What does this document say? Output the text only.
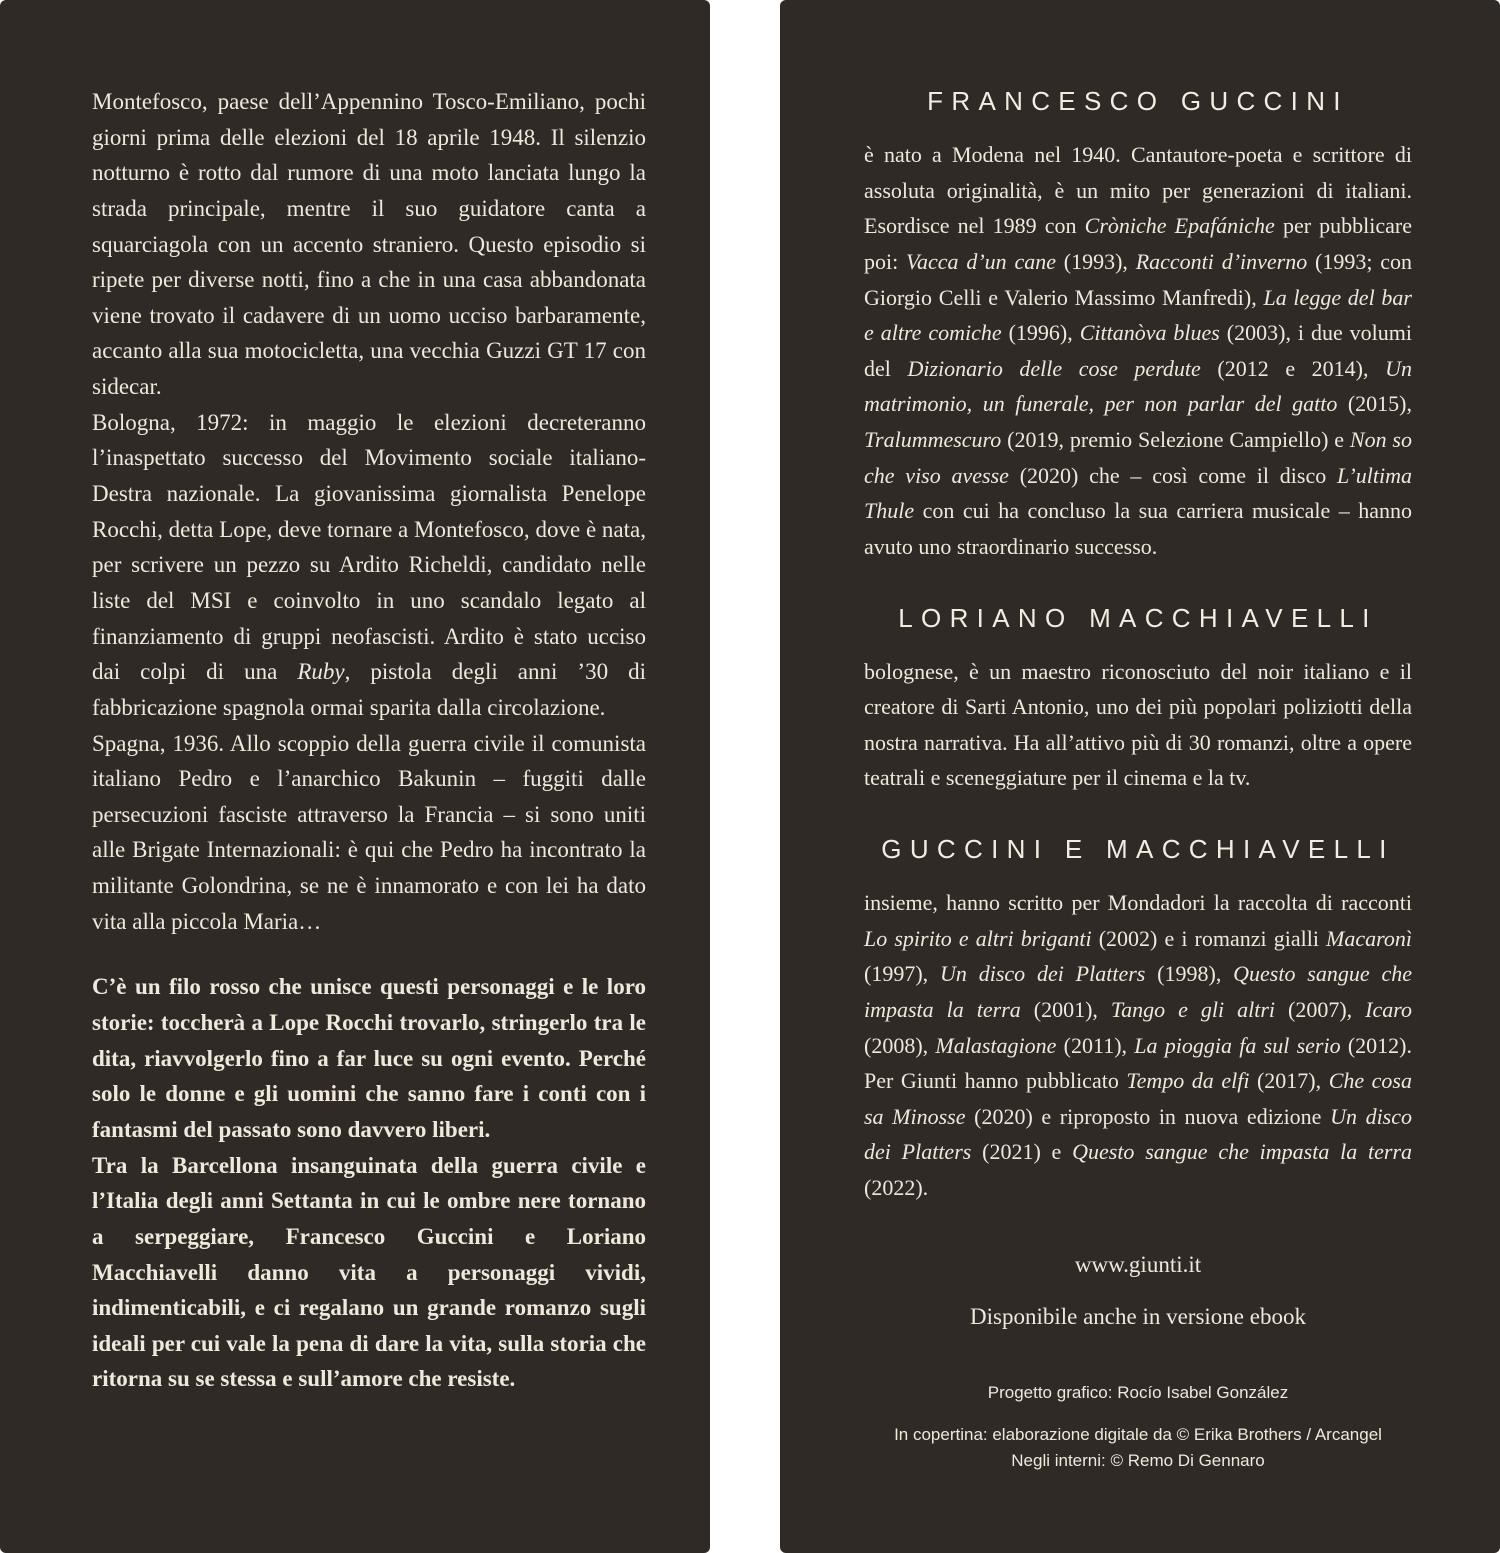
Montefosco, paese dell’Appennino Tosco-Emiliano, pochi giorni prima delle elezioni del 18 aprile 1948. Il silenzio notturno è rotto dal rumore di una moto lanciata lungo la strada principale, mentre il suo guidatore canta a squarciagola con un accento straniero. Questo episodio si ripete per diverse notti, fino a che in una casa abbandonata viene trovato il cadavere di un uomo ucciso barbaramente, accanto alla sua motocicletta, una vecchia Guzzi GT 17 con sidecar.

Bologna, 1972: in maggio le elezioni decreteranno l’inaspettato successo del Movimento sociale italiano-Destra nazionale. La giovanissima giornalista Penelope Rocchi, detta Lope, deve tornare a Montefosco, dove è nata, per scrivere un pezzo su Ardito Richeldi, candidato nelle liste del MSI e coinvolto in uno scandalo legato al finanziamento di gruppi neofascisti. Ardito è stato ucciso dai colpi di una Ruby, pistola degli anni ’30 di fabbricazione spagnola ormai sparita dalla circolazione.

Spagna, 1936. Allo scoppio della guerra civile il comunista italiano Pedro e l’anarchico Bakunin – fuggiti dalle persecuzioni fasciste attraverso la Francia – si sono uniti alle Brigate Internazionali: è qui che Pedro ha incontrato la militante Golondrina, se ne è innamorato e con lei ha dato vita alla piccola Maria…

C’è un filo rosso che unisce questi personaggi e le loro storie: toccherà a Lope Rocchi trovarlo, stringerlo tra le dita, riavvolgerlo fino a far luce su ogni evento. Perché solo le donne e gli uomini che sanno fare i conti con i fantasmi del passato sono davvero liberi.

Tra la Barcellona insanguinata della guerra civile e l’Italia degli anni Settanta in cui le ombre nere tornano a serpeggiare, Francesco Guccini e Loriano Macchiavelli danno vita a personaggi vividi, indimenticabili, e ci regalano un grande romanzo sugli ideali per cui vale la pena di dare la vita, sulla storia che ritorna su se stessa e sull’amore che resiste.

FRANCESCO GUCCINI

è nato a Modena nel 1940. Cantautore-poeta e scrittore di assoluta originalità, è un mito per generazioni di italiani. Esordisce nel 1989 con Cròniche Epafániche per pubblicare poi: Vacca d’un cane (1993), Racconti d’inverno (1993; con Giorgio Celli e Valerio Massimo Manfredi), La legge del bar e altre comiche (1996), Cittanòva blues (2003), i due volumi del Dizionario delle cose perdute (2012 e 2014), Un matrimonio, un funerale, per non parlar del gatto (2015), Tralummescuro (2019, premio Selezione Campiello) e Non so che viso avesse (2020) che – così come il disco L’ultima Thule con cui ha concluso la sua carriera musicale – hanno avuto uno straordinario successo.

LORIANO MACCHIAVELLI

bolognese, è un maestro riconosciuto del noir italiano e il creatore di Sarti Antonio, uno dei più popolari poliziotti della nostra narrativa. Ha all’attivo più di 30 romanzi, oltre a opere teatrali e sceneggiature per il cinema e la tv.

GUCCINI E MACCHIAVELLI

insieme, hanno scritto per Mondadori la raccolta di racconti Lo spirito e altri briganti (2002) e i romanzi gialli Macaronì (1997), Un disco dei Platters (1998), Questo sangue che impasta la terra (2001), Tango e gli altri (2007), Icaro (2008), Malastagione (2011), La pioggia fa sul serio (2012). Per Giunti hanno pubblicato Tempo da elfi (2017), Che cosa sa Minosse (2020) e riproposto in nuova edizione Un disco dei Platters (2021) e Questo sangue che impasta la terra (2022).

www.giunti.it

Disponibile anche in versione ebook

Progetto grafico: Rocío Isabel González

In copertina: elaborazione digitale da © Erika Brothers / Arcangel

Negli interni: © Remo Di Gennaro
